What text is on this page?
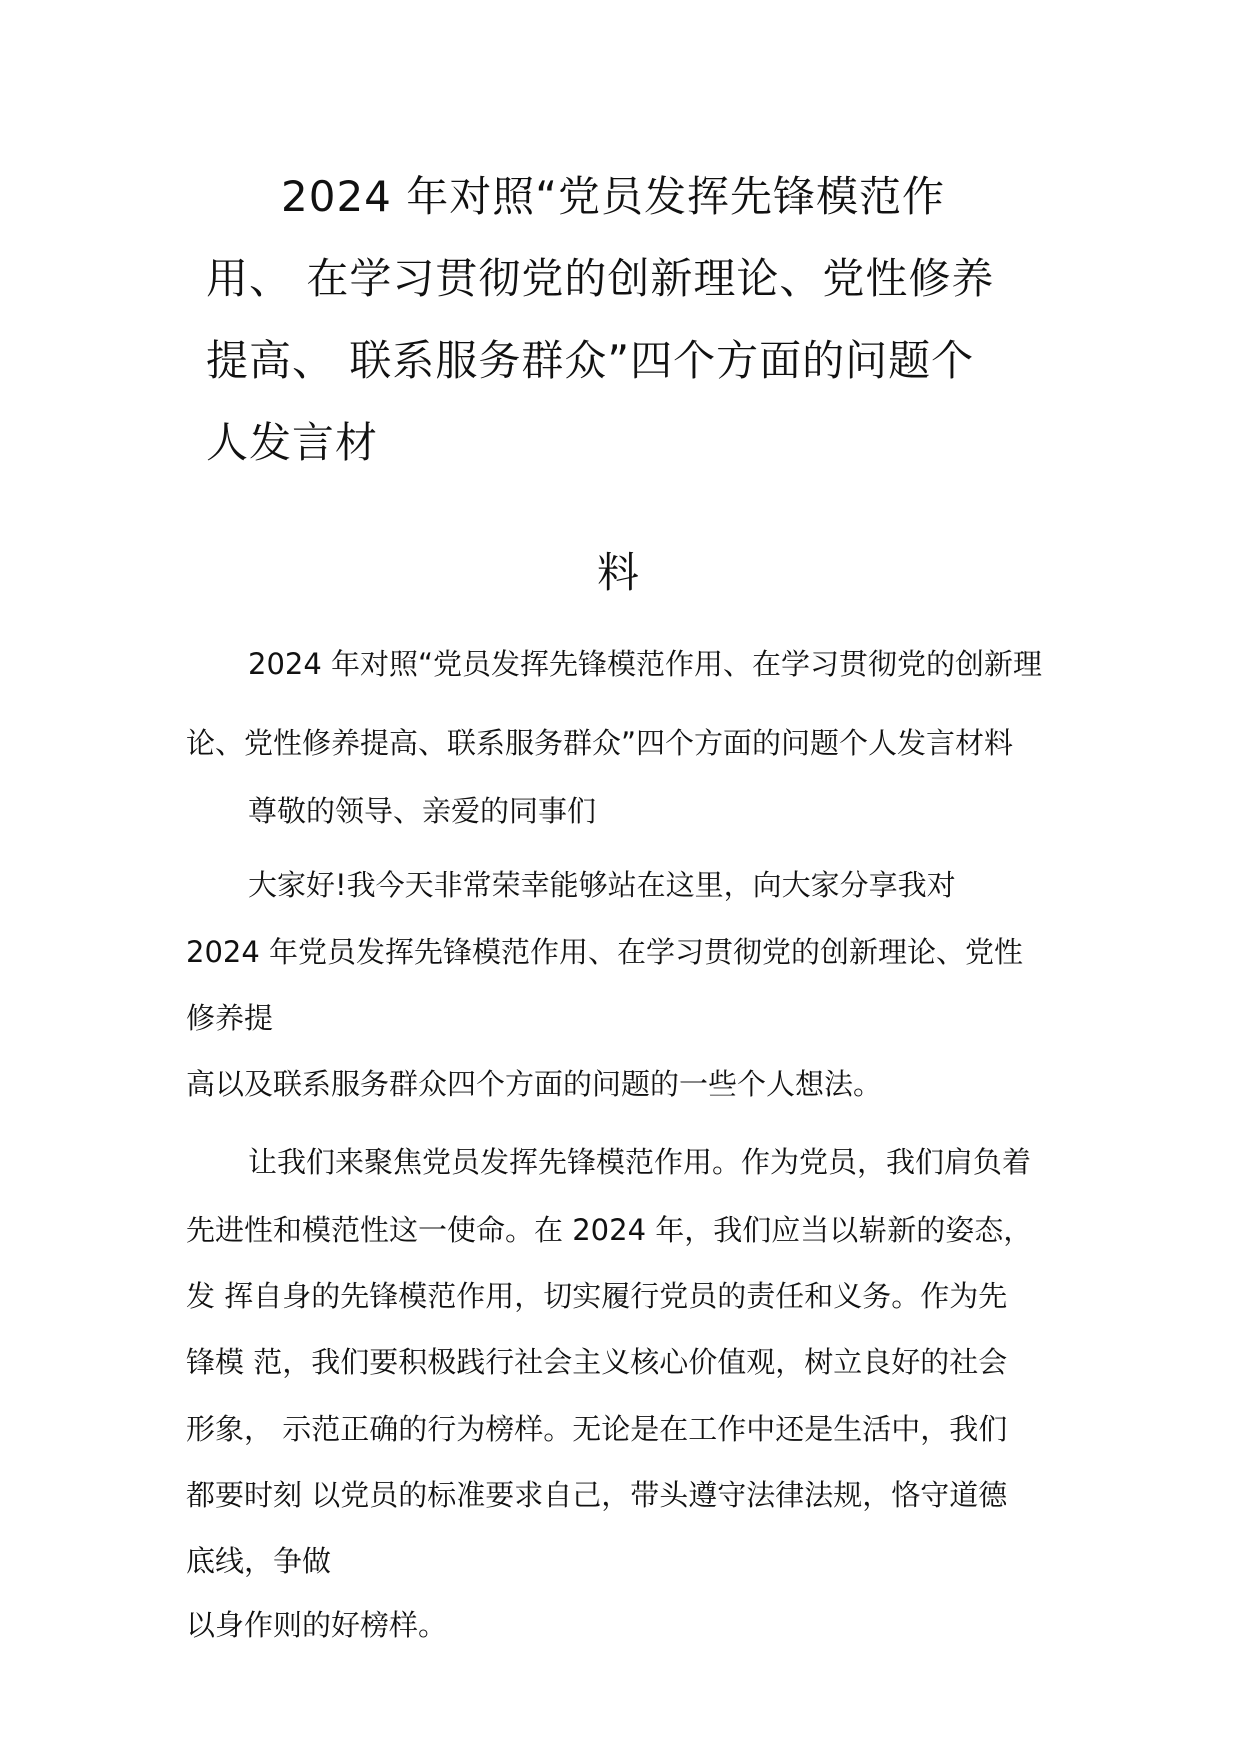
2024 年对照“党员发挥先锋模范作
用、 在学习贯彻党的创新理论、党性修养
提高、 联系服务群众”四个方面的问题个
人发言材
料
2024 年对照“党员发挥先锋模范作用、在学习贯彻党的创新理
论、党性修养提高、联系服务群众”四个方面的问题个人发言材料
尊敬的领导、亲爱的同事们
大家好!我今天非常荣幸能够站在这里，向大家分享我对
2024 年党员发挥先锋模范作用、在学习贯彻党的创新理论、党性
修养提
高以及联系服务群众四个方面的问题的一些个人想法。
让我们来聚焦党员发挥先锋模范作用。作为党员，我们肩负着
先进性和模范性这一使命。在 2024 年，我们应当以崭新的姿态，
发 挥自身的先锋模范作用，切实履行党员的责任和义务。作为先
锋模 范，我们要积极践行社会主义核心价值观，树立良好的社会
形象， 示范正确的行为榜样。无论是在工作中还是生活中，我们
都要时刻 以党员的标准要求自己，带头遵守法律法规，恪守道德
底线，争做
以身作则的好榜样。
